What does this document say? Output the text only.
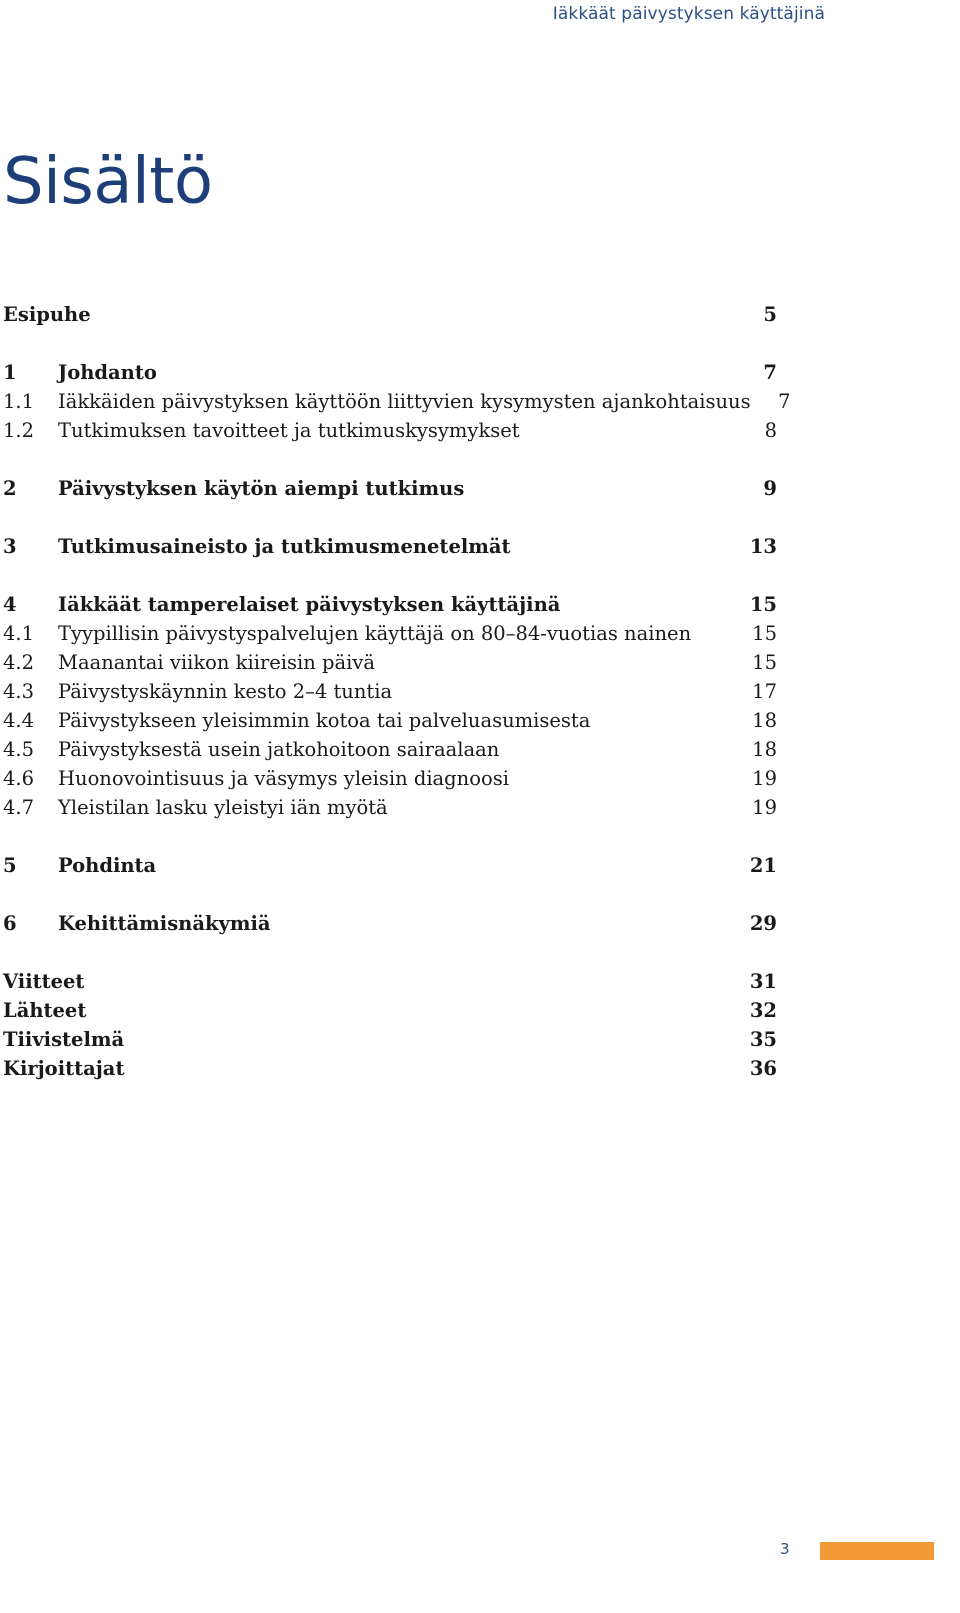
Iäkkäät päivystyksen käyttäjinä
Sisältö
Esipuhe	5
1	Johdanto	7
1.1	Iäkkäiden päivystyksen käyttöön liittyvien kysymysten ajankohtaisuus	7
1.2	Tutkimuksen tavoitteet ja tutkimuskysymykset	8
2	Päivystyksen käytön aiempi tutkimus	9
3	Tutkimusaineisto ja tutkimusmenetelmät	13
4	Iäkkäät tamperelaiset päivystyksen käyttäjinä	15
4.1	Tyypillisin päivystyspalvelujen käyttäjä on 80–84-vuotias nainen	15
4.2	Maanantai viikon kiireisin päivä	15
4.3	Päivystyskäynnin kesto 2–4 tuntia	17
4.4	Päivystykseen yleisimmin kotoa tai palveluasumisesta	18
4.5	Päivystyksestä usein jatkohoitoon sairaalaan	18
4.6	Huonovointisuus ja väsymys yleisin diagnoosi	19
4.7	Yleistilan lasku yleistyi iän myötä	19
5	Pohdinta	21
6	Kehittämisnäkymiä	29
Viitteet	31
Lähteet	32
Tiivistelmä	35
Kirjoittajat	36
3
